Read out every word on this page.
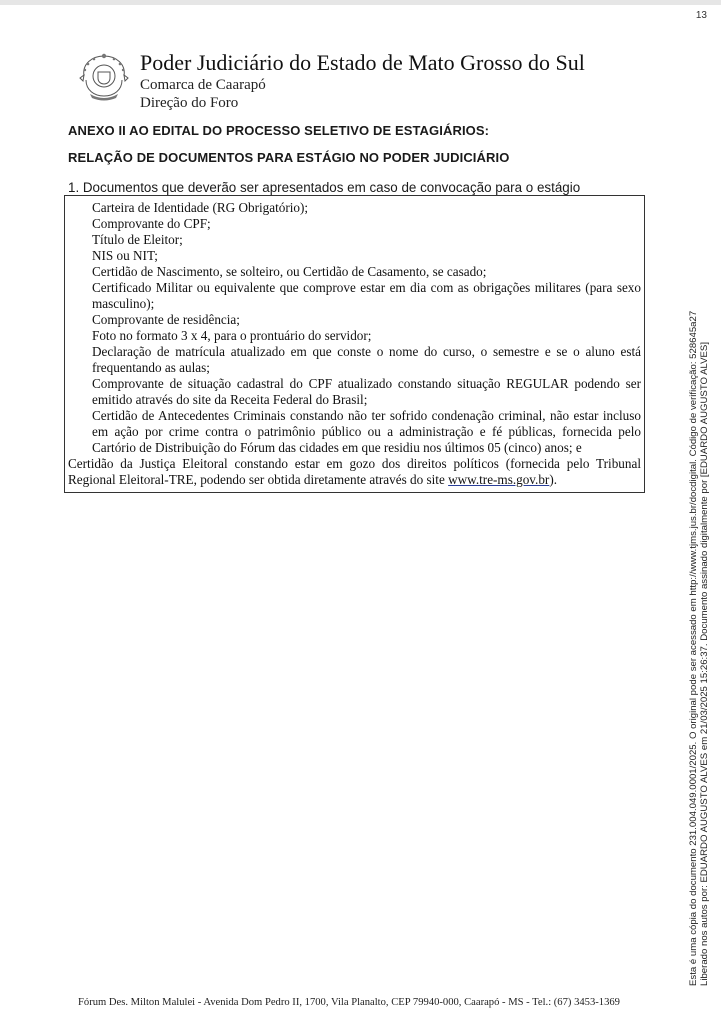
13

Poder Judiciário do Estado de Mato Grosso do Sul

Comarca de Caarapó

Direção do Foro

ANEXO II AO EDITAL DO PROCESSO SELETIVO DE ESTAGIÁRIOS:
RELAÇÃO DE DOCUMENTOS PARA ESTÁGIO NO PODER JUDICIÁRIO
1. Documentos que deverão ser apresentados em caso de convocação para o estágio
Carteira de Identidade (RG Obrigatório);
Comprovante do CPF;
Título de Eleitor;
NIS ou NIT;
Certidão de Nascimento, se solteiro, ou Certidão de Casamento, se casado;
Certificado Militar ou equivalente que comprove estar em dia com as obrigações militares (para sexo masculino);
Comprovante de residência;
Foto no formato 3 x 4, para o prontuário do servidor;
Declaração de matrícula atualizado em que conste o nome do curso, o semestre e se o aluno está frequentando as aulas;
Comprovante de situação cadastral do CPF atualizado constando situação REGULAR podendo ser emitido através do site da Receita Federal do Brasil;
Certidão de Antecedentes Criminais constando não ter sofrido condenação criminal, não estar incluso em ação por crime contra o patrimônio público ou a administração e fé públicas, fornecida pelo Cartório de Distribuição do Fórum das cidades em que residiu nos últimos 05 (cinco) anos; e
Certidão da Justiça Eleitoral constando estar em gozo dos direitos políticos (fornecida pelo Tribunal Regional Eleitoral-TRE, podendo ser obtida diretamente através do site www.tre-ms.gov.br).	Esta é uma cópia do documento 231.004.049.0001/2025. O original pode ser acessado em http://www.tjms.jus.br/docdigital. Código de verificação: 528645a27 Liberado nos autos por: EDUARDO AUGUSTO ALVES em 21/03/2025 15:26:37. Documento assinado digitalmente por [EDUARDO AUGUSTO ALVES]
Fórum Des. Milton Malulei - Avenida Dom Pedro II, 1700, Vila Planalto, CEP 79940-000, Caarapó - MS - Tel.: (67) 3453-1369
